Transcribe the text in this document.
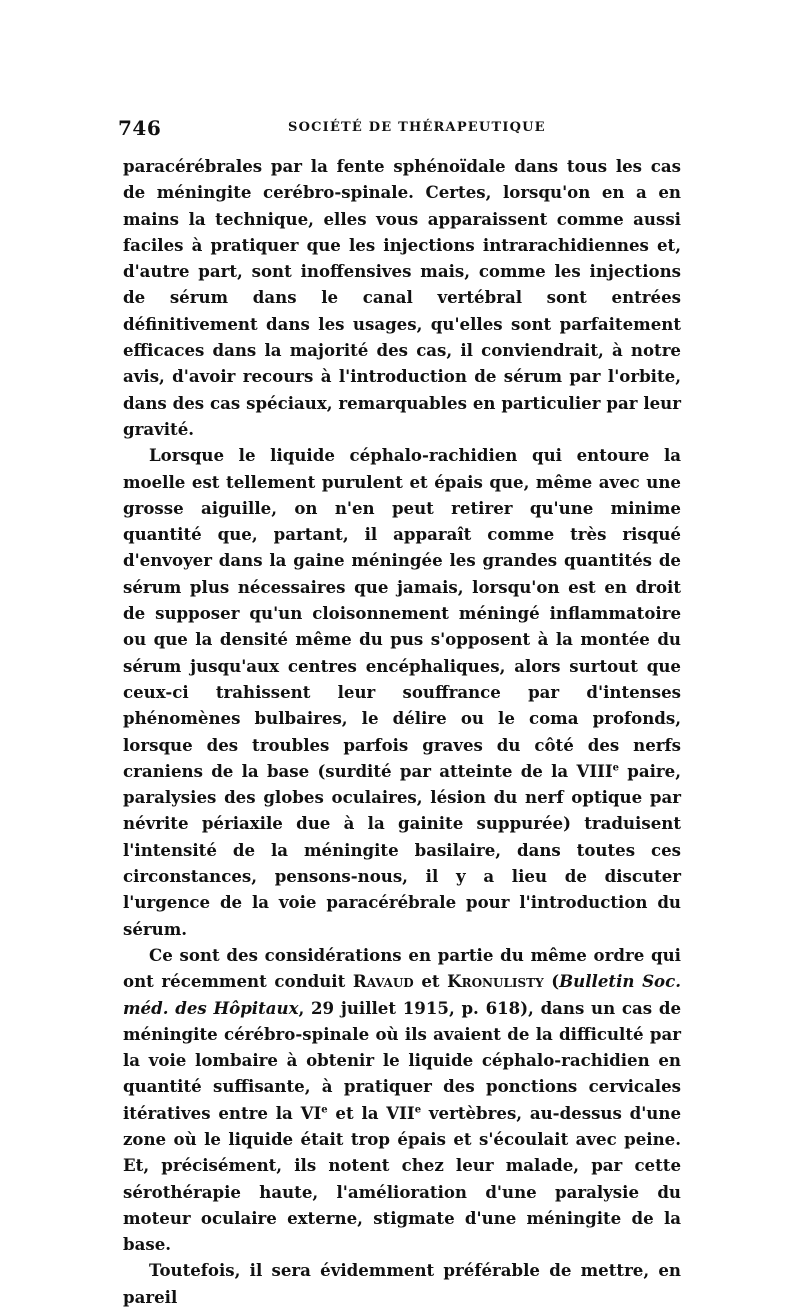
746	SOCIÉTÉ DE THÉRAPEUTIQUE

paracérébrales par la fente sphénoïdale dans tous les cas de méningite cerébro-spinale. Certes, lorsqu'on en a en mains la technique, elles vous apparaissent comme aussi faciles à pratiquer que les injections intrarachidiennes et, d'autre part, sont inoffensives mais, comme les injections de sérum dans le canal vertébral sont entrées définitivement dans les usages, qu'elles sont parfaitement efficaces dans la majorité des cas, il conviendrait, à notre avis, d'avoir recours à l'introduction de sérum par l'orbite, dans des cas spéciaux, remarquables en particulier par leur gravité.

Lorsque le liquide céphalo-rachidien qui entoure la moelle est tellement purulent et épais que, même avec une grosse aiguille, on n'en peut retirer qu'une minime quantité que, partant, il apparaît comme très risqué d'envoyer dans la gaine méningée les grandes quantités de sérum plus nécessaires que jamais, lorsqu'on est en droit de supposer qu'un cloisonnement méningé inflammatoire ou que la densité même du pus s'opposent à la montée du sérum jusqu'aux centres encéphaliques, alors surtout que ceux-ci trahissent leur souffrance par d'intenses phénomènes bulbaires, le délire ou le coma profonds, lorsque des troubles parfois graves du côté des nerfs craniens de la base (surdité par atteinte de la VIIIe paire, paralysies des globes oculaires, lésion du nerf optique par névrite périaxile due à la gainite suppurée) traduisent l'intensité de la méningite basilaire, dans toutes ces circonstances, pensons-nous, il y a lieu de discuter l'urgence de la voie paracérébrale pour l'introduction du sérum.

Ce sont des considérations en partie du même ordre qui ont récemment conduit Ravaud et Kronulisty (Bulletin Soc. méd. des Hôpitaux, 29 juillet 1915, p. 618), dans un cas de méningite cérébro-spinale où ils avaient de la difficulté par la voie lombaire à obtenir le liquide céphalo-rachidien en quantité suffisante, à pratiquer des ponctions cervicales itératives entre la VIe et la VIIe vertèbres, au-dessus d'une zone où le liquide était trop épais et s'écoulait avec peine. Et, précisément, ils notent chez leur malade, par cette sérothérapie haute, l'amélioration d'une paralysie du moteur oculaire externe, stigmate d'une méningite de la base.

Toutefois, il sera évidemment préférable de mettre, en pareil
